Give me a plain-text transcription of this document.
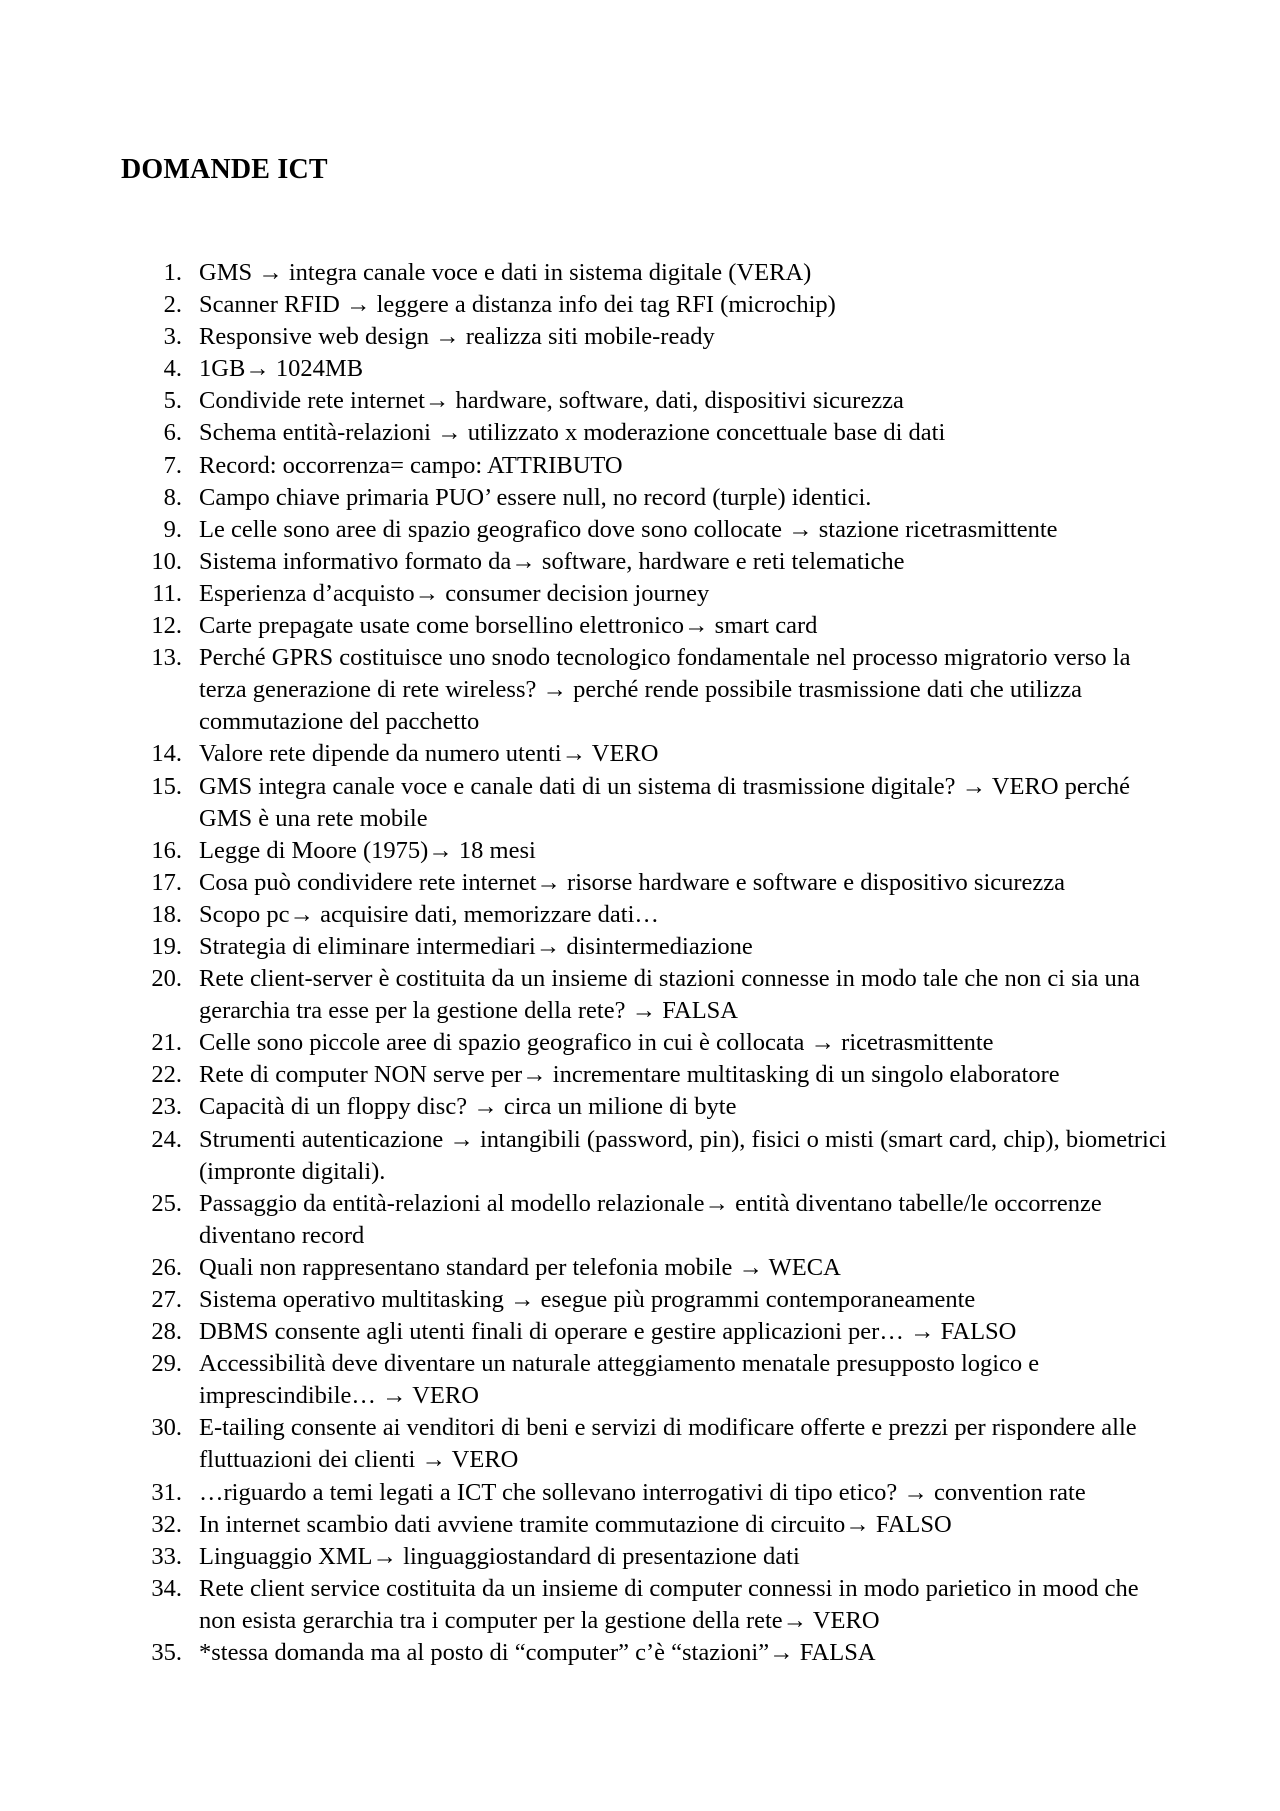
DOMANDE ICT
1. GMS → integra canale voce e dati in sistema digitale (VERA)
2. Scanner RFID → leggere a distanza info dei tag RFI (microchip)
3. Responsive web design → realizza siti mobile-ready
4. 1GB→ 1024MB
5. Condivide rete internet→ hardware, software, dati, dispositivi sicurezza
6. Schema entità-relazioni → utilizzato x moderazione concettuale base di dati
7. Record: occorrenza= campo: ATTRIBUTO
8. Campo chiave primaria PUO’ essere null, no record (turple) identici.
9. Le celle sono aree di spazio geografico dove sono collocate → stazione ricetrasmittente
10. Sistema informativo formato da→ software, hardware e reti telematiche
11. Esperienza d’acquisto→ consumer decision journey
12. Carte prepagate usate come borsellino elettronico→ smart card
13. Perché GPRS costituisce uno snodo tecnologico fondamentale nel processo migratorio verso la terza generazione di rete wireless? → perché rende possibile trasmissione dati che utilizza commutazione del pacchetto
14. Valore rete dipende da numero utenti→ VERO
15. GMS integra canale voce e canale dati di un sistema di trasmissione digitale? → VERO perché GMS è una rete mobile
16. Legge di Moore (1975)→ 18 mesi
17. Cosa può condividere rete internet→ risorse hardware e software e dispositivo sicurezza
18. Scopo pc→ acquisire dati, memorizzare dati…
19. Strategia di eliminare intermediari→ disintermediazione
20. Rete client-server è costituita da un insieme di stazioni connesse in modo tale che non ci sia una gerarchia tra esse per la gestione della rete? → FALSA
21. Celle sono piccole aree di spazio geografico in cui è collocata → ricetrasmittente
22. Rete di computer NON serve per→ incrementare multitasking di un singolo elaboratore
23. Capacità di un floppy disc? → circa un milione di byte
24. Strumenti autenticazione → intangibili (password, pin), fisici o misti (smart card, chip), biometrici (impronte digitali).
25. Passaggio da entità-relazioni al modello relazionale→ entità diventano tabelle/le occorrenze diventano record
26. Quali non rappresentano standard per telefonia mobile → WECA
27. Sistema operativo multitasking → esegue più programmi contemporaneamente
28. DBMS consente agli utenti finali di operare e gestire applicazioni per… → FALSO
29. Accessibilità deve diventare un naturale atteggiamento menatale presupposto logico e imprescindibile… → VERO
30. E-tailing consente ai venditori di beni e servizi di modificare offerte e prezzi per rispondere alle fluttuazioni dei clienti → VERO
31. …riguardo a temi legati a ICT che sollevano interrogativi di tipo etico? → convention rate
32. In internet scambio dati avviene tramite commutazione di circuito→ FALSO
33. Linguaggio XML→ linguaggiostandard di presentazione dati
34. Rete client service costituita da un insieme di computer connessi in modo parietico in mood che non esista gerarchia tra i computer per la gestione della rete→ VERO
35. *stessa domanda ma al posto di “computer” c’è “stazioni”→ FALSA
